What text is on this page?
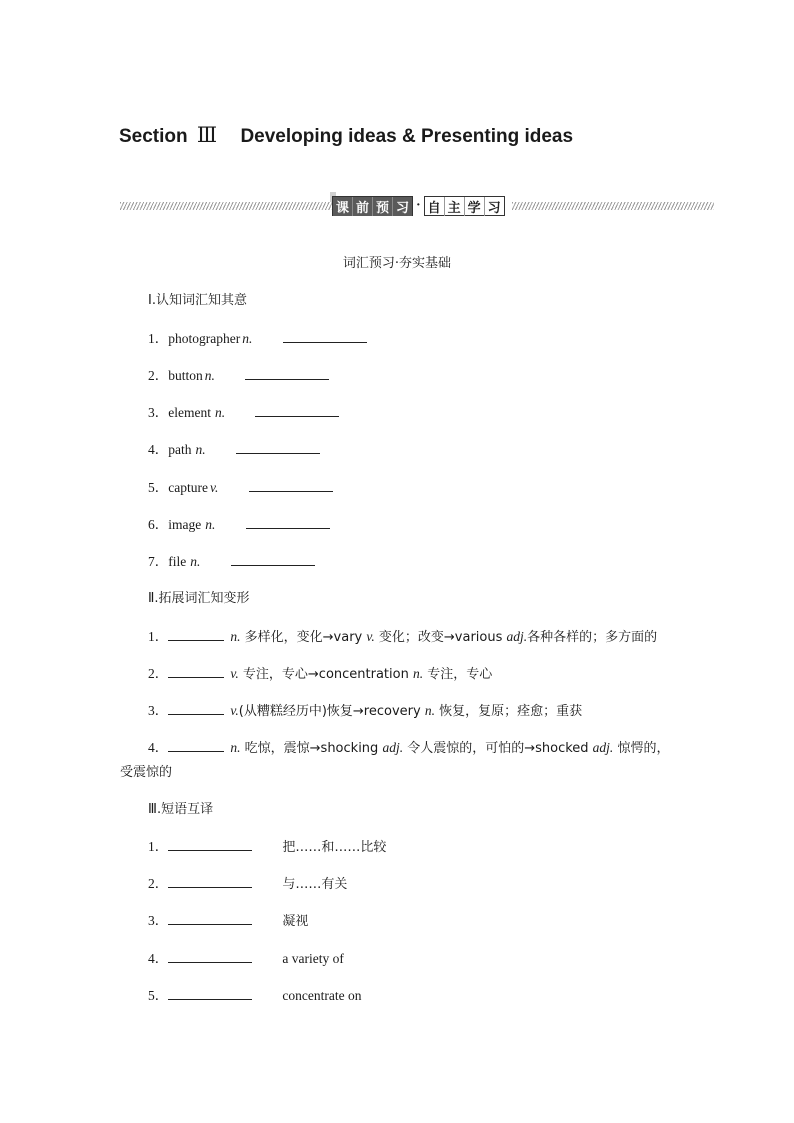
Section Ⅲ Developing ideas & Presenting ideas
课 前 预 习 · 自 主 学 习
词汇预习·夯实基础
Ⅰ.认知词汇知其意
1．photographer n.
2．button n.
3．element n.
4．path n.
5．capture v.
6．image n.
7．file n.
Ⅱ.拓展词汇知变形
1．	n. 多样化，变化→vary v. 变化；改变→various adj.各种各样的；多方面的
2．	v. 专注，专心→concentration n. 专注，专心
3．	v.(从糟糕经历中)恢复→recovery n. 恢复，复原；痊愈；重获
4．	n. 吃惊，震惊→shocking adj. 令人震惊的，可怕的→shocked adj. 惊愕的，
受震惊的
Ⅲ.短语互译
1．	把……和……比较
2．	与……有关
3．	凝视
4．	a variety of
5．	concentrate on
